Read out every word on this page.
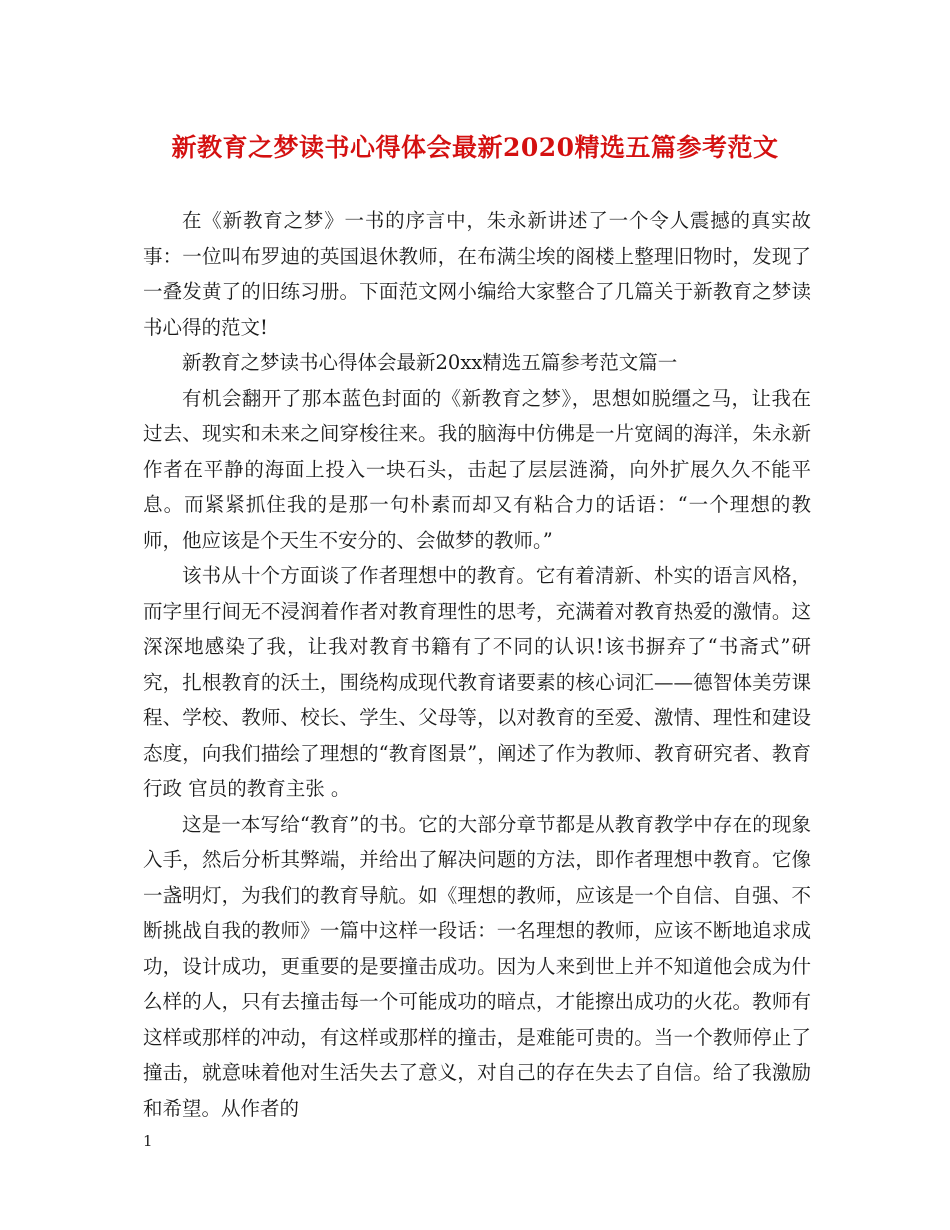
新教育之梦读书心得体会最新2020精选五篇参考范文

在《新教育之梦》一书的序言中，朱永新讲述了一个令人震撼的真实故事：一位叫布罗迪的英国退休教师，在布满尘埃的阁楼上整理旧物时，发现了一叠发黄了的旧练习册。下面范文网小编给大家整合了几篇关于新教育之梦读书心得的范文!

新教育之梦读书心得体会最新20xx精选五篇参考范文篇一

有机会翻开了那本蓝色封面的《新教育之梦》，思想如脱缰之马，让我在过去、现实和未来之间穿梭往来。我的脑海中仿佛是一片宽阔的海洋，朱永新作者在平静的海面上投入一块石头，击起了层层涟漪，向外扩展久久不能平息。而紧紧抓住我的是那一句朴素而却又有粘合力的话语：“一个理想的教师，他应该是个天生不安分的、会做梦的教师。”

该书从十个方面谈了作者理想中的教育。它有着清新、朴实的语言风格，而字里行间无不浸润着作者对教育理性的思考，充满着对教育热爱的激情。这深深地感染了我，让我对教育书籍有了不同的认识!该书摒弃了“书斋式”研究，扎根教育的沃土，围绕构成现代教育诸要素的核心词汇——德智体美劳课程、学校、教师、校长、学生、父母等，以对教育的至爱、激情、理性和建设态度，向我们描绘了理想的“教育图景”，阐述了作为教师、教育研究者、教育行政 官员的教育主张 。

这是一本写给“教育”的书。它的大部分章节都是从教育教学中存在的现象入手，然后分析其弊端，并给出了解决问题的方法，即作者理想中教育。它像一盏明灯，为我们的教育导航。如《理想的教师，应该是一个自信、自强、不断挑战自我的教师》一篇中这样一段话：一名理想的教师，应该不断地追求成功，设计成功，更重要的是要撞击成功。因为人来到世上并不知道他会成为什么样的人，只有去撞击每一个可能成功的暗点，才能擦出成功的火花。教师有这样或那样的冲动，有这样或那样的撞击，是难能可贵的。当一个教师停止了撞击，就意味着他对生活失去了意义，对自己的存在失去了自信。给了我激励和希望。从作者的

1
